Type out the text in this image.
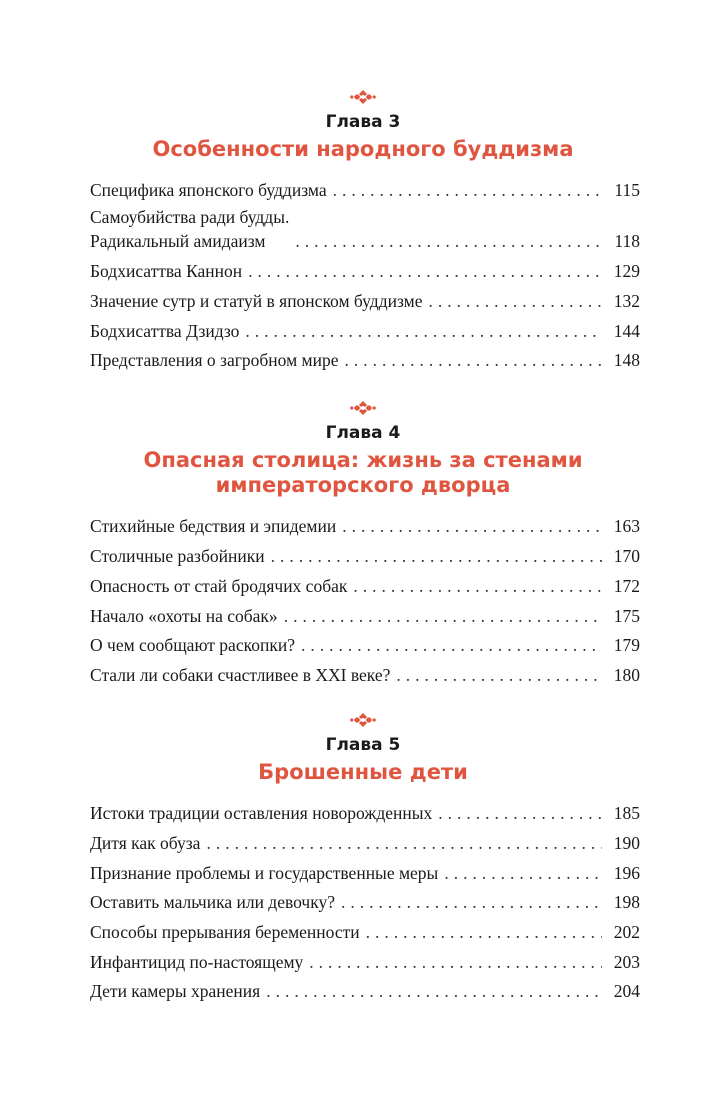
Глава 3
Особенности народного буддизма
Специфика японского буддизма .....	115
Самоубийства ради будды.
Радикальный амидаизм .....	118
Бодхисаттва Каннон .....	129
Значение сутр и статуй в японском буддизме .....	132
Бодхисаттва Дзидзо .....	144
Представления о загробном мире .....	148
Глава 4
Опасная столица: жизнь за стенами
императорского дворца
Стихийные бедствия и эпидемии .....	163
Столичные разбойники .....	170
Опасность от стай бродячих собак .....	172
Начало «охоты на собак» .....	175
О чем сообщают раскопки? .....	179
Стали ли собаки счастливее в XXI веке? .....	180
Глава 5
Брошенные дети
Истоки традиции оставления новорожденных .....	185
Дитя как обуза .....	190
Признание проблемы и государственные меры .....	196
Оставить мальчика или девочку? .....	198
Способы прерывания беременности .....	202
Инфантицид по-настоящему .....	203
Дети камеры хранения .....	204
